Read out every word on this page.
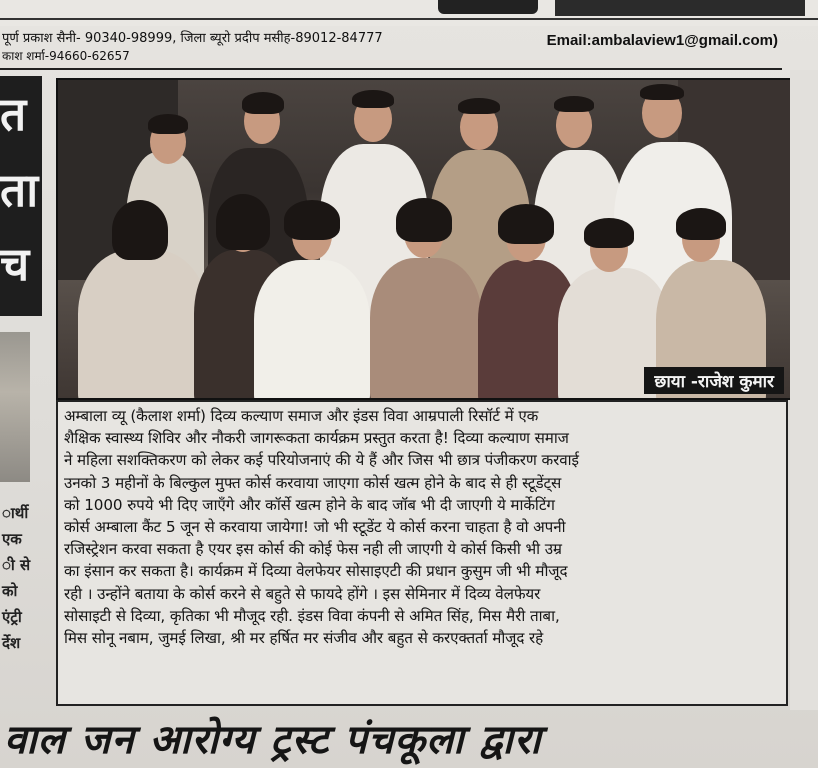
पूर्ण प्रकाश सैनी- 90340-98999, जिला ब्यूरो प्रदीप मसीह-89012-84777
काश शर्मा-94660-62657
Email:ambalaview1@gmail.com)
त
ता
च
ार्थी
एक
ी से
को
एंट्री
र्देश
छाया -राजेश कुमार
अम्बाला व्यू (कैलाश शर्मा) दिव्य कल्याण समाज और इंडस विवा आम्रपाली रिसॉर्ट में एक
शैक्षिक स्वास्थ्य शिविर और नौकरी जागरूकता कार्यक्रम प्रस्तुत करता है! दिव्या कल्याण समाज
ने महिला सशक्तिकरण को लेकर कई परियोजनाएं की ये हैं और जिस भी छात्र पंजीकरण करवाई
उनको 3 महीनों के बिल्कुल मुफ्त कोर्स करवाया जाएगा कोर्स खत्म होने के बाद से ही स्टूडेंट्स
को 1000 रुपये भी दिए जाएँगे और कॉर्से खत्म होने के बाद जॉब भी दी जाएगी ये मार्केटिंग
कोर्स अम्बाला कैंट 5 जून से करवाया जायेगा! जो भी स्टूडेंट ये कोर्स करना चाहता है वो अपनी
रजिस्ट्रेशन करवा सकता है एयर इस कोर्स की कोई फेस नही ली जाएगी ये कोर्स किसी भी उम्र
का इंसान कर सकता है। कार्यक्रम में दिव्या वेलफेयर सोसाइएटी की प्रधान कुसुम जी भी मौजूद
रही । उन्होंने बताया के कोर्स करने से बहुते से फायदे होंगे । इस सेमिनार में दिव्य वेलफेयर
सोसाइटी से दिव्या, कृतिका भी मौजूद रही. इंडस विवा कंपनी से अमित सिंह, मिस मैरी ताबा,
मिस सोनू नबाम, जुमई लिखा, श्री मर हर्षित मर संजीव और बहुत से करएक्तर्ता मौजूद रहे
वाल जन आरोग्य ट्रस्ट पंचकूला द्वारा
